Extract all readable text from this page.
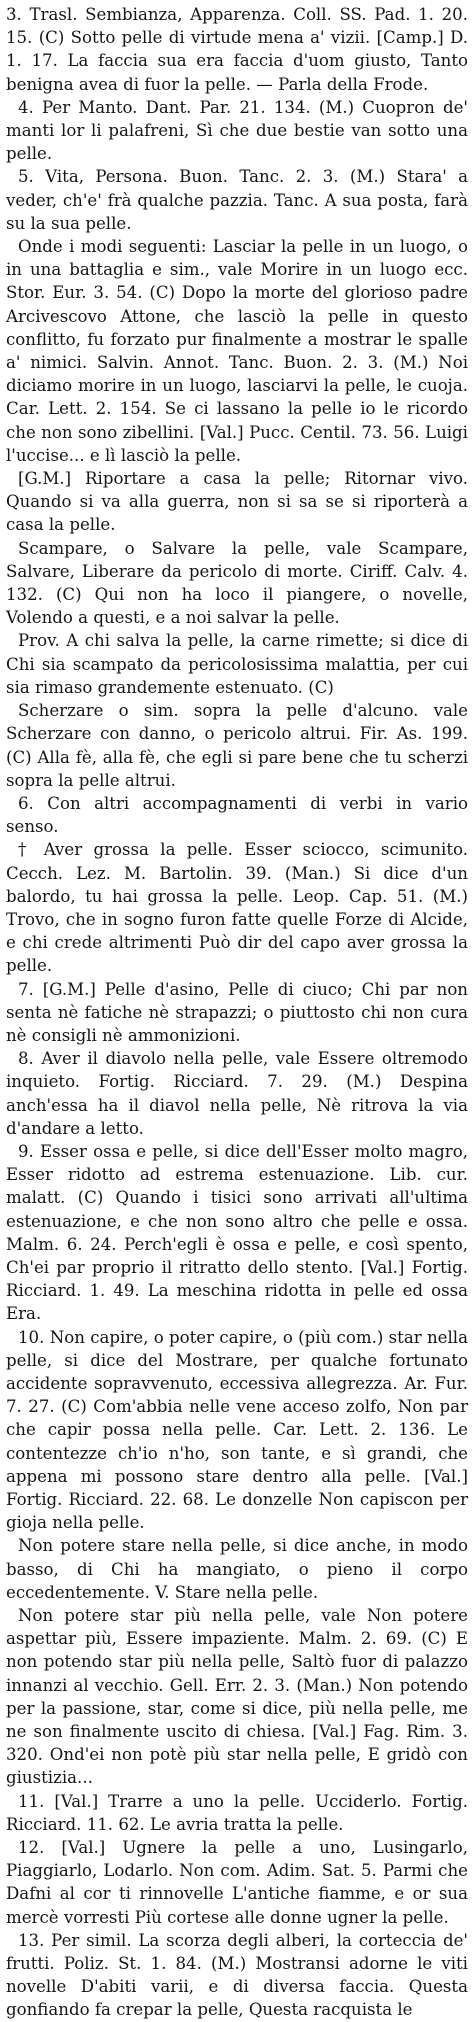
3. Trasl. Sembianza, Apparenza. Coll. SS. Pad. 1. 20. 15. (C) Sotto pelle di virtude mena a' vizii. [Camp.] D. 1. 17. La faccia sua era faccia d'uom giusto, Tanto benigna avea di fuor la pelle. — Parla della Frode.

4. Per Manto. Dant. Par. 21. 134. (M.) Cuopron de' manti lor li palafreni, Sì che due bestie van sotto una pelle.

5. Vita, Persona. Buon. Tanc. 2. 3. (M.) Stara' a veder, ch'e' frà qualche pazzia. Tanc. A sua posta, farà su la sua pelle.

Onde i modi seguenti: Lasciar la pelle in un luogo, o in una battaglia e sim., vale Morire in un luogo ecc. Stor. Eur. 3. 54. (C) Dopo la morte del glorioso padre Arcivescovo Attone, che lasciò la pelle in questo conflitto, fu forzato pur finalmente a mostrar le spalle a' nimici. Salvin. Annot. Tanc. Buon. 2. 3. (M.) Noi diciamo morire in un luogo, lasciarvi la pelle, le cuoja. Car. Lett. 2. 154. Se ci lassano la pelle io le ricordo che non sono zibellini. [Val.] Pucc. Centil. 73. 56. Luigi l'uccise... e lì lasciò la pelle.

[G.M.] Riportare a casa la pelle; Ritornar vivo. Quando si va alla guerra, non si sa se si riporterà a casa la pelle.

Scampare, o Salvare la pelle, vale Scampare, Salvare, Liberare da pericolo di morte. Ciriff. Calv. 4. 132. (C) Qui non ha loco il piangere, o novelle, Volendo a questi, e a noi salvar la pelle.

Prov. A chi salva la pelle, la carne rimette; si dice di Chi sia scampato da pericolosissima malattia, per cui sia rimaso grandemente estenuato. (C)

Scherzare o sim. sopra la pelle d'alcuno. vale Scherzare con danno, o pericolo altrui. Fir. As. 199. (C) Alla fè, alla fè, che egli si pare bene che tu scherzi sopra la pelle altrui.

6. Con altri accompagnamenti di verbi in vario senso.

† Aver grossa la pelle. Esser sciocco, scimunito. Cecch. Lez. M. Bartolin. 39. (Man.) Si dice d'un balordo, tu hai grossa la pelle. Leop. Cap. 51. (M.) Trovo, che in sogno furon fatte quelle Forze di Alcide, e chi crede altrimenti Può dir del capo aver grossa la pelle.

7. [G.M.] Pelle d'asino, Pelle di ciuco; Chi par non senta nè fatiche nè strapazzi; o piuttosto chi non cura nè consigli nè ammonizioni.

8. Aver il diavolo nella pelle, vale Essere oltremodo inquieto. Fortig. Ricciard. 7. 29. (M.) Despina anch'essa ha il diavol nella pelle, Nè ritrova la via d'andare a letto.

9. Esser ossa e pelle, si dice dell'Esser molto magro, Esser ridotto ad estrema estenuazione. Lib. cur. malatt. (C) Quando i tisici sono arrivati all'ultima estenuazione, e che non sono altro che pelle e ossa. Malm. 6. 24. Perch'egli è ossa e pelle, e così spento, Ch'ei par proprio il ritratto dello stento. [Val.] Fortig. Ricciard. 1. 49. La meschina ridotta in pelle ed ossa Era.

10. Non capire, o poter capire, o (più com.) star nella pelle, si dice del Mostrare, per qualche fortunato accidente sopravvenuto, eccessiva allegrezza. Ar. Fur. 7. 27. (C) Com'abbia nelle vene acceso zolfo, Non par che capir possa nella pelle. Car. Lett. 2. 136. Le contentezze ch'io n'ho, son tante, e sì grandi, che appena mi possono stare dentro alla pelle. [Val.] Fortig. Ricciard. 22. 68. Le donzelle Non capiscon per gioja nella pelle.

Non potere stare nella pelle, si dice anche, in modo basso, di Chi ha mangiato, o pieno il corpo eccedentemente. V. Stare nella pelle.

Non potere star più nella pelle, vale Non potere aspettar più, Essere impaziente. Malm. 2. 69. (C) E non potendo star più nella pelle, Saltò fuor di palazzo innanzi al vecchio. Gell. Err. 2. 3. (Man.) Non potendo per la passione, star, come si dice, più nella pelle, me ne son finalmente uscito di chiesa. [Val.] Fag. Rim. 3. 320. Ond'ei non potè più star nella pelle, E gridò con giustizia...

11. [Val.] Trarre a uno la pelle. Ucciderlo. Fortig. Ricciard. 11. 62. Le avria tratta la pelle.

12. [Val.] Ugnere la pelle a uno, Lusingarlo, Piaggiarlo, Lodarlo. Non com. Adim. Sat. 5. Parmi che Dafni al cor ti rinnovelle L'antiche fiamme, e or sua mercè vorresti Più cortese alle donne ugner la pelle.

13. Per simil. La scorza degli alberi, la corteccia de' frutti. Poliz. St. 1. 84. (M.) Mostransi adorne le viti novelle D'abiti varii, e di diversa faccia. Questa gonfiando fa crepar la pelle, Questa racquista le
